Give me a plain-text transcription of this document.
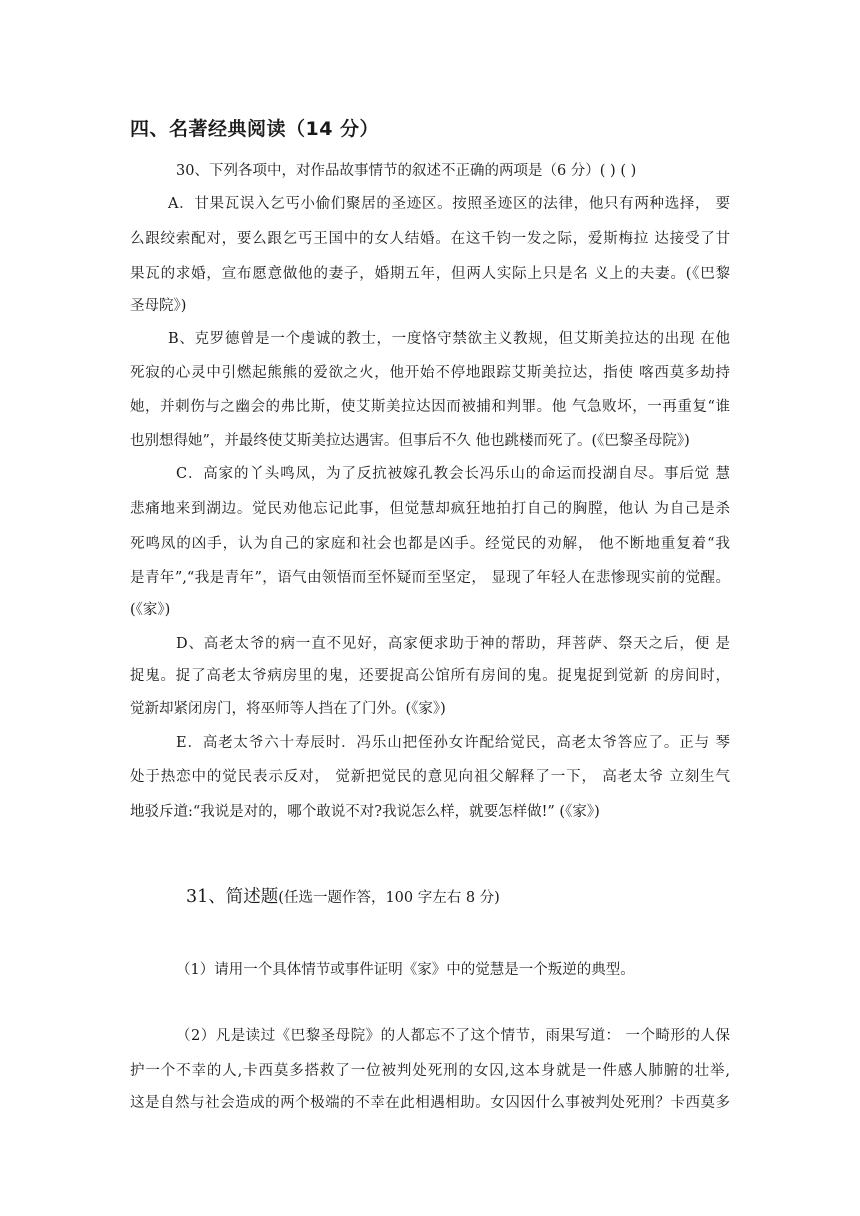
四、名著经典阅读（14 分）
30、下列各项中，对作品故事情节的叙述不正确的两项是（6 分）( ) ( )
A．甘果瓦误入乞丐小偷们聚居的圣迹区。按照圣迹区的法律，他只有两种选择， 要
么跟绞索配对，要么跟乞丐王国中的女人结婚。在这千钧一发之际，爱斯梅拉 达接受了甘
果瓦的求婚，宣布愿意做他的妻子，婚期五年，但两人实际上只是名 义上的夫妻。(《巴黎
圣母院》)
B、克罗德曾是一个虔诚的教士，一度恪守禁欲主义教规，但艾斯美拉达的出现 在他
死寂的心灵中引燃起熊熊的爱欲之火，他开始不停地跟踪艾斯美拉达，指使 喀西莫多劫持
她，并刺伤与之幽会的弗比斯，使艾斯美拉达因而被捕和判罪。他 气急败坏，一再重复“谁
也别想得她”，并最终使艾斯美拉达遇害。但事后不久 他也跳楼而死了。(《巴黎圣母院》)
C．高家的丫头鸣凤，为了反抗被嫁孔教会长冯乐山的命运而投湖自尽。事后觉 慧
悲痛地来到湖边。觉民劝他忘记此事，但觉慧却疯狂地拍打自己的胸膛，他认 为自己是杀
死鸣凤的凶手，认为自己的家庭和社会也都是凶手。经觉民的劝解， 他不断地重复着“我
是青年”,“我是青年”，语气由领悟而至怀疑而至坚定， 显现了年轻人在悲惨现实前的觉醒。
(《家》)
D、高老太爷的病一直不见好，高家便求助于神的帮助，拜菩萨、祭天之后，便 是
捉鬼。捉了高老太爷病房里的鬼，还要捉高公馆所有房间的鬼。捉鬼捉到觉新 的房间时，
觉新却紧闭房门，将巫师等人挡在了门外。(《家》)
E．高老太爷六十寿辰时．冯乐山把侄孙女许配给觉民，高老太爷答应了。正与 琴
处于热恋中的觉民表示反对， 觉新把觉民的意见向祖父解释了一下， 高老太爷 立刻生气
地驳斥道:“我说是对的，哪个敢说不对?我说怎么样，就要怎样做!” (《家》)
31、简述题(任选一题作答，100 字左右 8 分)
（1）请用一个具体情节或事件证明《家》中的觉慧是一个叛逆的典型。
（2）凡是读过《巴黎圣母院》的人都忘不了这个情节，雨果写道： 一个畸形的人保
护一个不幸的人,卡西莫多搭救了一位被判处死刑的女囚,这本身就是一件感人肺腑的壮举,
这是自然与社会造成的两个极端的不幸在此相遇相助。女囚因什么事被判处死刑？卡西莫多
